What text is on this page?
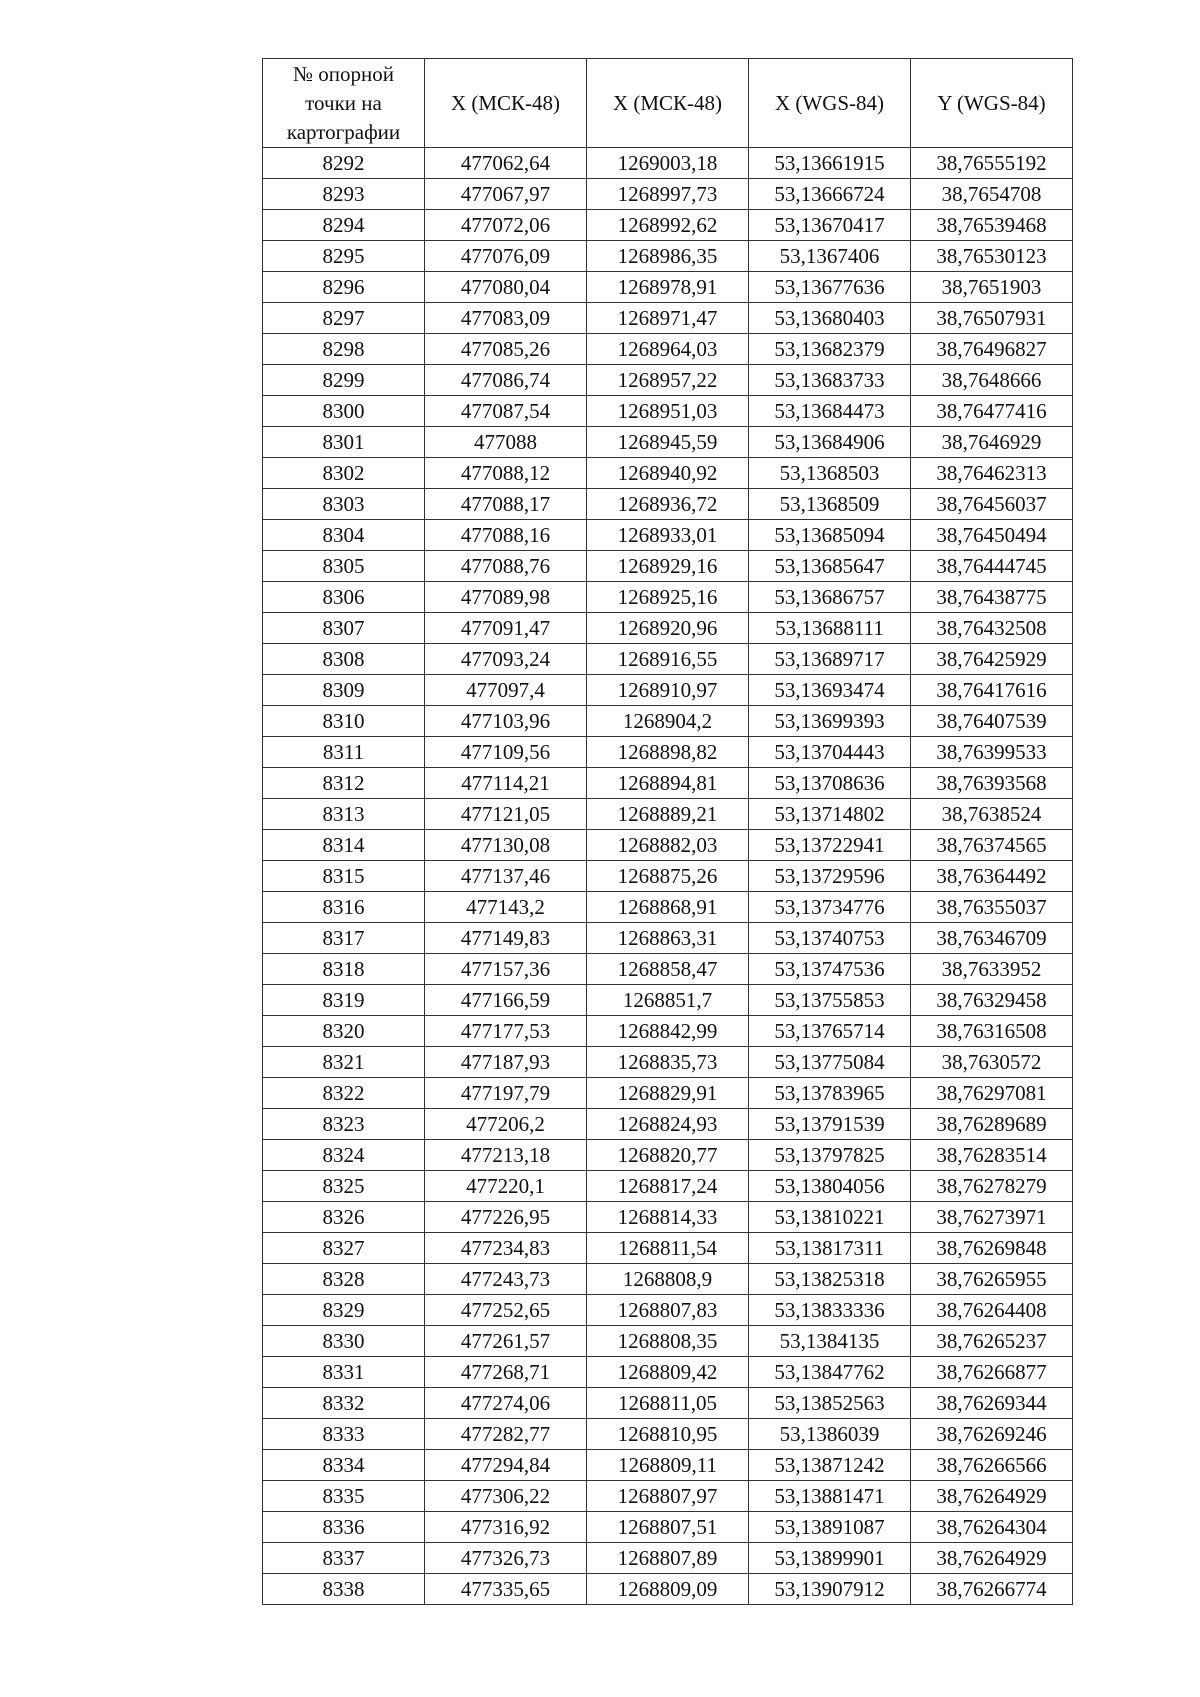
№ опорной точки на картографии	X (МСК-48)	X (МСК-48)	X (WGS-84)	Y (WGS-84)
8292	477062,64	1269003,18	53,13661915	38,76555192
8293	477067,97	1268997,73	53,13666724	38,7654708
8294	477072,06	1268992,62	53,13670417	38,76539468
8295	477076,09	1268986,35	53,1367406	38,76530123
8296	477080,04	1268978,91	53,13677636	38,7651903
8297	477083,09	1268971,47	53,13680403	38,76507931
8298	477085,26	1268964,03	53,13682379	38,76496827
8299	477086,74	1268957,22	53,13683733	38,7648666
8300	477087,54	1268951,03	53,13684473	38,76477416
8301	477088	1268945,59	53,13684906	38,7646929
8302	477088,12	1268940,92	53,1368503	38,76462313
8303	477088,17	1268936,72	53,1368509	38,76456037
8304	477088,16	1268933,01	53,13685094	38,76450494
8305	477088,76	1268929,16	53,13685647	38,76444745
8306	477089,98	1268925,16	53,13686757	38,76438775
8307	477091,47	1268920,96	53,13688111	38,76432508
8308	477093,24	1268916,55	53,13689717	38,76425929
8309	477097,4	1268910,97	53,13693474	38,76417616
8310	477103,96	1268904,2	53,13699393	38,76407539
8311	477109,56	1268898,82	53,13704443	38,76399533
8312	477114,21	1268894,81	53,13708636	38,76393568
8313	477121,05	1268889,21	53,13714802	38,7638524
8314	477130,08	1268882,03	53,13722941	38,76374565
8315	477137,46	1268875,26	53,13729596	38,76364492
8316	477143,2	1268868,91	53,13734776	38,76355037
8317	477149,83	1268863,31	53,13740753	38,76346709
8318	477157,36	1268858,47	53,13747536	38,7633952
8319	477166,59	1268851,7	53,13755853	38,76329458
8320	477177,53	1268842,99	53,13765714	38,76316508
8321	477187,93	1268835,73	53,13775084	38,7630572
8322	477197,79	1268829,91	53,13783965	38,76297081
8323	477206,2	1268824,93	53,13791539	38,76289689
8324	477213,18	1268820,77	53,13797825	38,76283514
8325	477220,1	1268817,24	53,13804056	38,76278279
8326	477226,95	1268814,33	53,13810221	38,76273971
8327	477234,83	1268811,54	53,13817311	38,76269848
8328	477243,73	1268808,9	53,13825318	38,76265955
8329	477252,65	1268807,83	53,13833336	38,76264408
8330	477261,57	1268808,35	53,1384135	38,76265237
8331	477268,71	1268809,42	53,13847762	38,76266877
8332	477274,06	1268811,05	53,13852563	38,76269344
8333	477282,77	1268810,95	53,1386039	38,76269246
8334	477294,84	1268809,11	53,13871242	38,76266566
8335	477306,22	1268807,97	53,13881471	38,76264929
8336	477316,92	1268807,51	53,13891087	38,76264304
8337	477326,73	1268807,89	53,13899901	38,76264929
8338	477335,65	1268809,09	53,13907912	38,76266774
